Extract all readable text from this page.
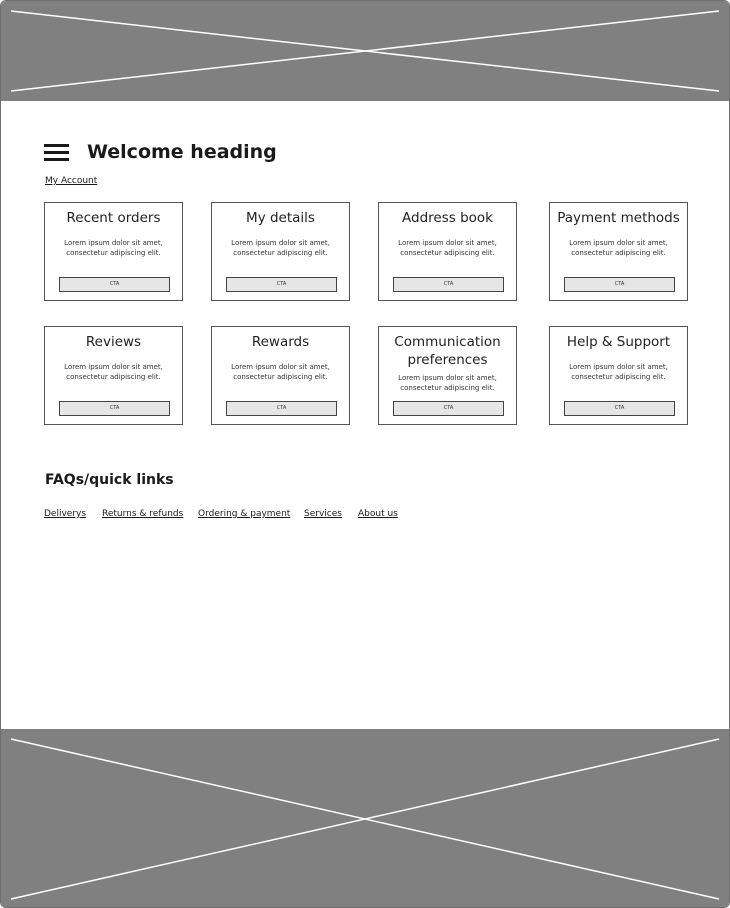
Welcome heading
My Account
Recent orders
Lorem ipsum dolor sit amet, consectetur adipiscing elit.
CTA
My details
Lorem ipsum dolor sit amet, consectetur adipiscing elit.
CTA
Address book
Lorem ipsum dolor sit amet, consectetur adipiscing elit.
CTA
Payment methods
Lorem ipsum dolor sit amet, consectetur adipiscing elit.
CTA
Reviews
Lorem ipsum dolor sit amet, consectetur adipiscing elit.
CTA
Rewards
Lorem ipsum dolor sit amet, consectetur adipiscing elit.
CTA
Communication preferences
Lorem ipsum dolor sit amet, consectetur adipiscing elit.
CTA
Help & Support
Lorem ipsum dolor sit amet, consectetur adipiscing elit.
CTA
FAQs/quick links
Deliverys Returns & refunds Ordering & payment Services About us
